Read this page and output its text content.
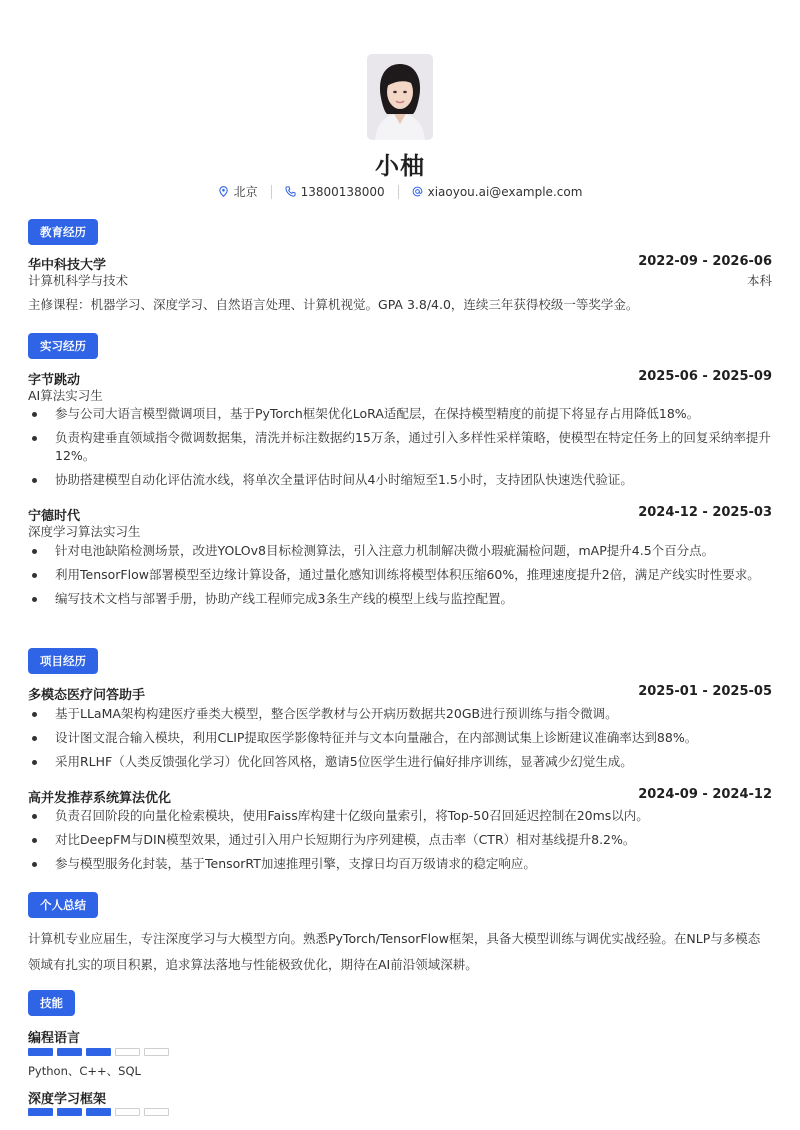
小柚
北京	13800138000	xiaoyou.ai@example.com
教育经历
华中科技大学	2022-09 - 2026-06
计算机科学与技术	本科
主修课程：机器学习、深度学习、自然语言处理、计算机视觉。GPA 3.8/4.0，连续三年获得校级一等奖学金。
实习经历
字节跳动	2025-06 - 2025-09
AI算法实习生
参与公司大语言模型微调项目，基于PyTorch框架优化LoRA适配层，在保持模型精度的前提下将显存占用降低18%。
负责构建垂直领域指令微调数据集，清洗并标注数据约15万条，通过引入多样性采样策略，使模型在特定任务上的回复采纳率提升12%。
协助搭建模型自动化评估流水线，将单次全量评估时间从4小时缩短至1.5小时，支持团队快速迭代验证。
宁德时代	2024-12 - 2025-03
深度学习算法实习生
针对电池缺陷检测场景，改进YOLOv8目标检测算法，引入注意力机制解决微小瑕疵漏检问题，mAP提升4.5个百分点。
利用TensorFlow部署模型至边缘计算设备，通过量化感知训练将模型体积压缩60%，推理速度提升2倍，满足产线实时性要求。
编写技术文档与部署手册，协助产线工程师完成3条生产线的模型上线与监控配置。
项目经历
多模态医疗问答助手	2025-01 - 2025-05
基于LLaMA架构构建医疗垂类大模型，整合医学教材与公开病历数据共20GB进行预训练与指令微调。
设计图文混合输入模块，利用CLIP提取医学影像特征并与文本向量融合，在内部测试集上诊断建议准确率达到88%。
采用RLHF（人类反馈强化学习）优化回答风格，邀请5位医学生进行偏好排序训练，显著减少幻觉生成。
高并发推荐系统算法优化	2024-09 - 2024-12
负责召回阶段的向量化检索模块，使用Faiss库构建十亿级向量索引，将Top-50召回延迟控制在20ms以内。
对比DeepFM与DIN模型效果，通过引入用户长短期行为序列建模，点击率（CTR）相对基线提升8.2%。
参与模型服务化封装，基于TensorRT加速推理引擎，支撑日均百万级请求的稳定响应。
个人总结
计算机专业应届生，专注深度学习与大模型方向。熟悉PyTorch/TensorFlow框架，具备大模型训练与调优实战经验。在NLP与多模态领域有扎实的项目积累，追求算法落地与性能极致优化，期待在AI前沿领域深耕。
技能
编程语言
Python、C++、SQL
深度学习框架
